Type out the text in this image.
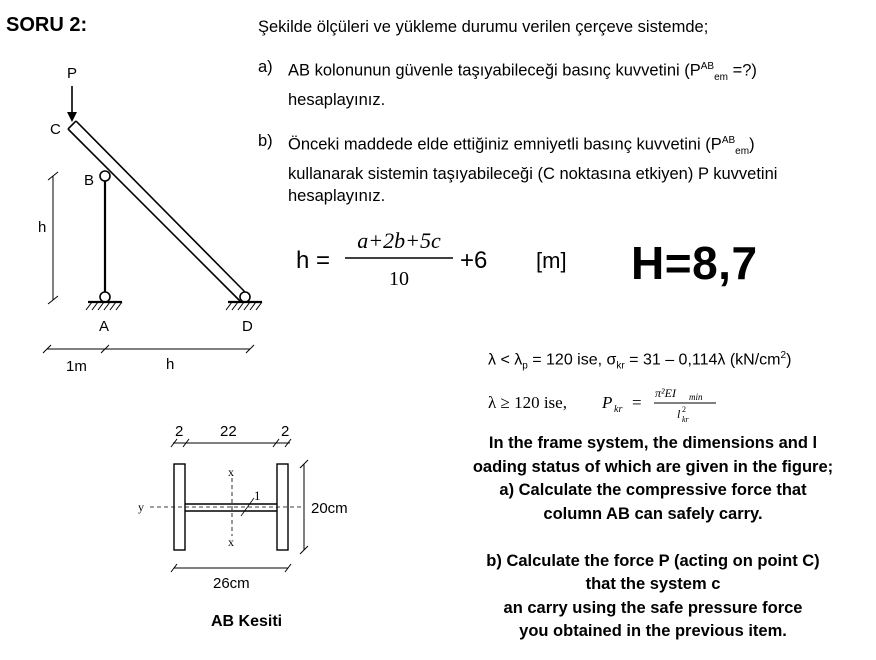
SORU 2:	Şekilde ölçüleri ve yükleme durumu verilen çerçeve sistemde;
a) AB kolonunun güvenle taşıyabileceği basınç kuvvetini ($P^{AB}_{em}$ =?)
hesaplayınız.
b) Önceki maddede elde ettiğiniz emniyetli basınç kuvvetini $(P^{AB}_{em})$
kullanarak sistemin taşıyabileceği (C noktasına etkiyen) P kuvvetini
hesaplayınız.
h =
a+2b+5c
10
+6 [m] H=8,7
$\lambda < \lambda_p = 120$ ise, $\sigma_{kr} = 31 - 0,114\lambda$ $(kN/cm^2)$
λ ≥ 120 ise, P kr = π²EI min
l 2
kr
P
C
B
A	D
h
1m	h
2 22	2
y
x
x
1
20cm
26cm
AB Kesiti
In the frame system, the dimensions and l
oading status of which are given in the figure;
a) Calculate the compressive force that
column AB can safely carry.
b) Calculate the force P (acting on point C)
that the system c
an carry using the safe pressure force
you obtained in the previous item.
